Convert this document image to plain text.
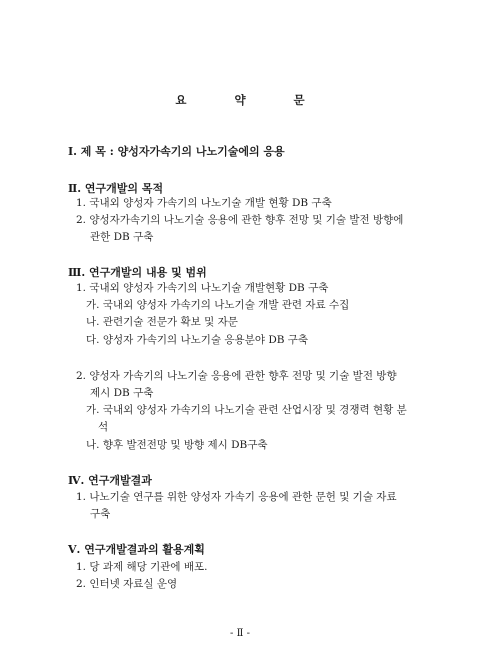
요 약 문
Ⅰ. 제 목 : 양성자가속기의 나노기술에의 응용
Ⅱ. 연구개발의 목적
1. 국내외 양성자 가속기의 나노기술 개발 현황 DB 구축
2. 양성자가속기의 나노기술 응용에 관한 향후 전망 및 기술 발전 방향에
관한 DB 구축
Ⅲ. 연구개발의 내용 및 범위
1. 국내외 양성자 가속기의 나노기술 개발현황 DB 구축
가. 국내외 양성자 가속기의 나노기술 개발 관련 자료 수집
나. 관련기술 전문가 확보 및 자문
다. 양성자 가속기의 나노기술 응용분야 DB 구축
2. 양성자 가속기의 나노기술 응용에 관한 향후 전망 및 기술 발전 방향
제시 DB 구축
가. 국내외 양성자 가속기의 나노기술 관련 산업시장 및 경쟁력 현황 분
석
나. 향후 발전전망 및 방향 제시 DB구축
Ⅳ. 연구개발결과
1. 나노기술 연구를 위한 양성자 가속기 응용에 관한 문헌 및 기술 자료
구축
Ⅴ. 연구개발결과의 활용계획
1. 당 과제 해당 기관에 배포.
2. 인터넷 자료실 운영
- Ⅱ -
